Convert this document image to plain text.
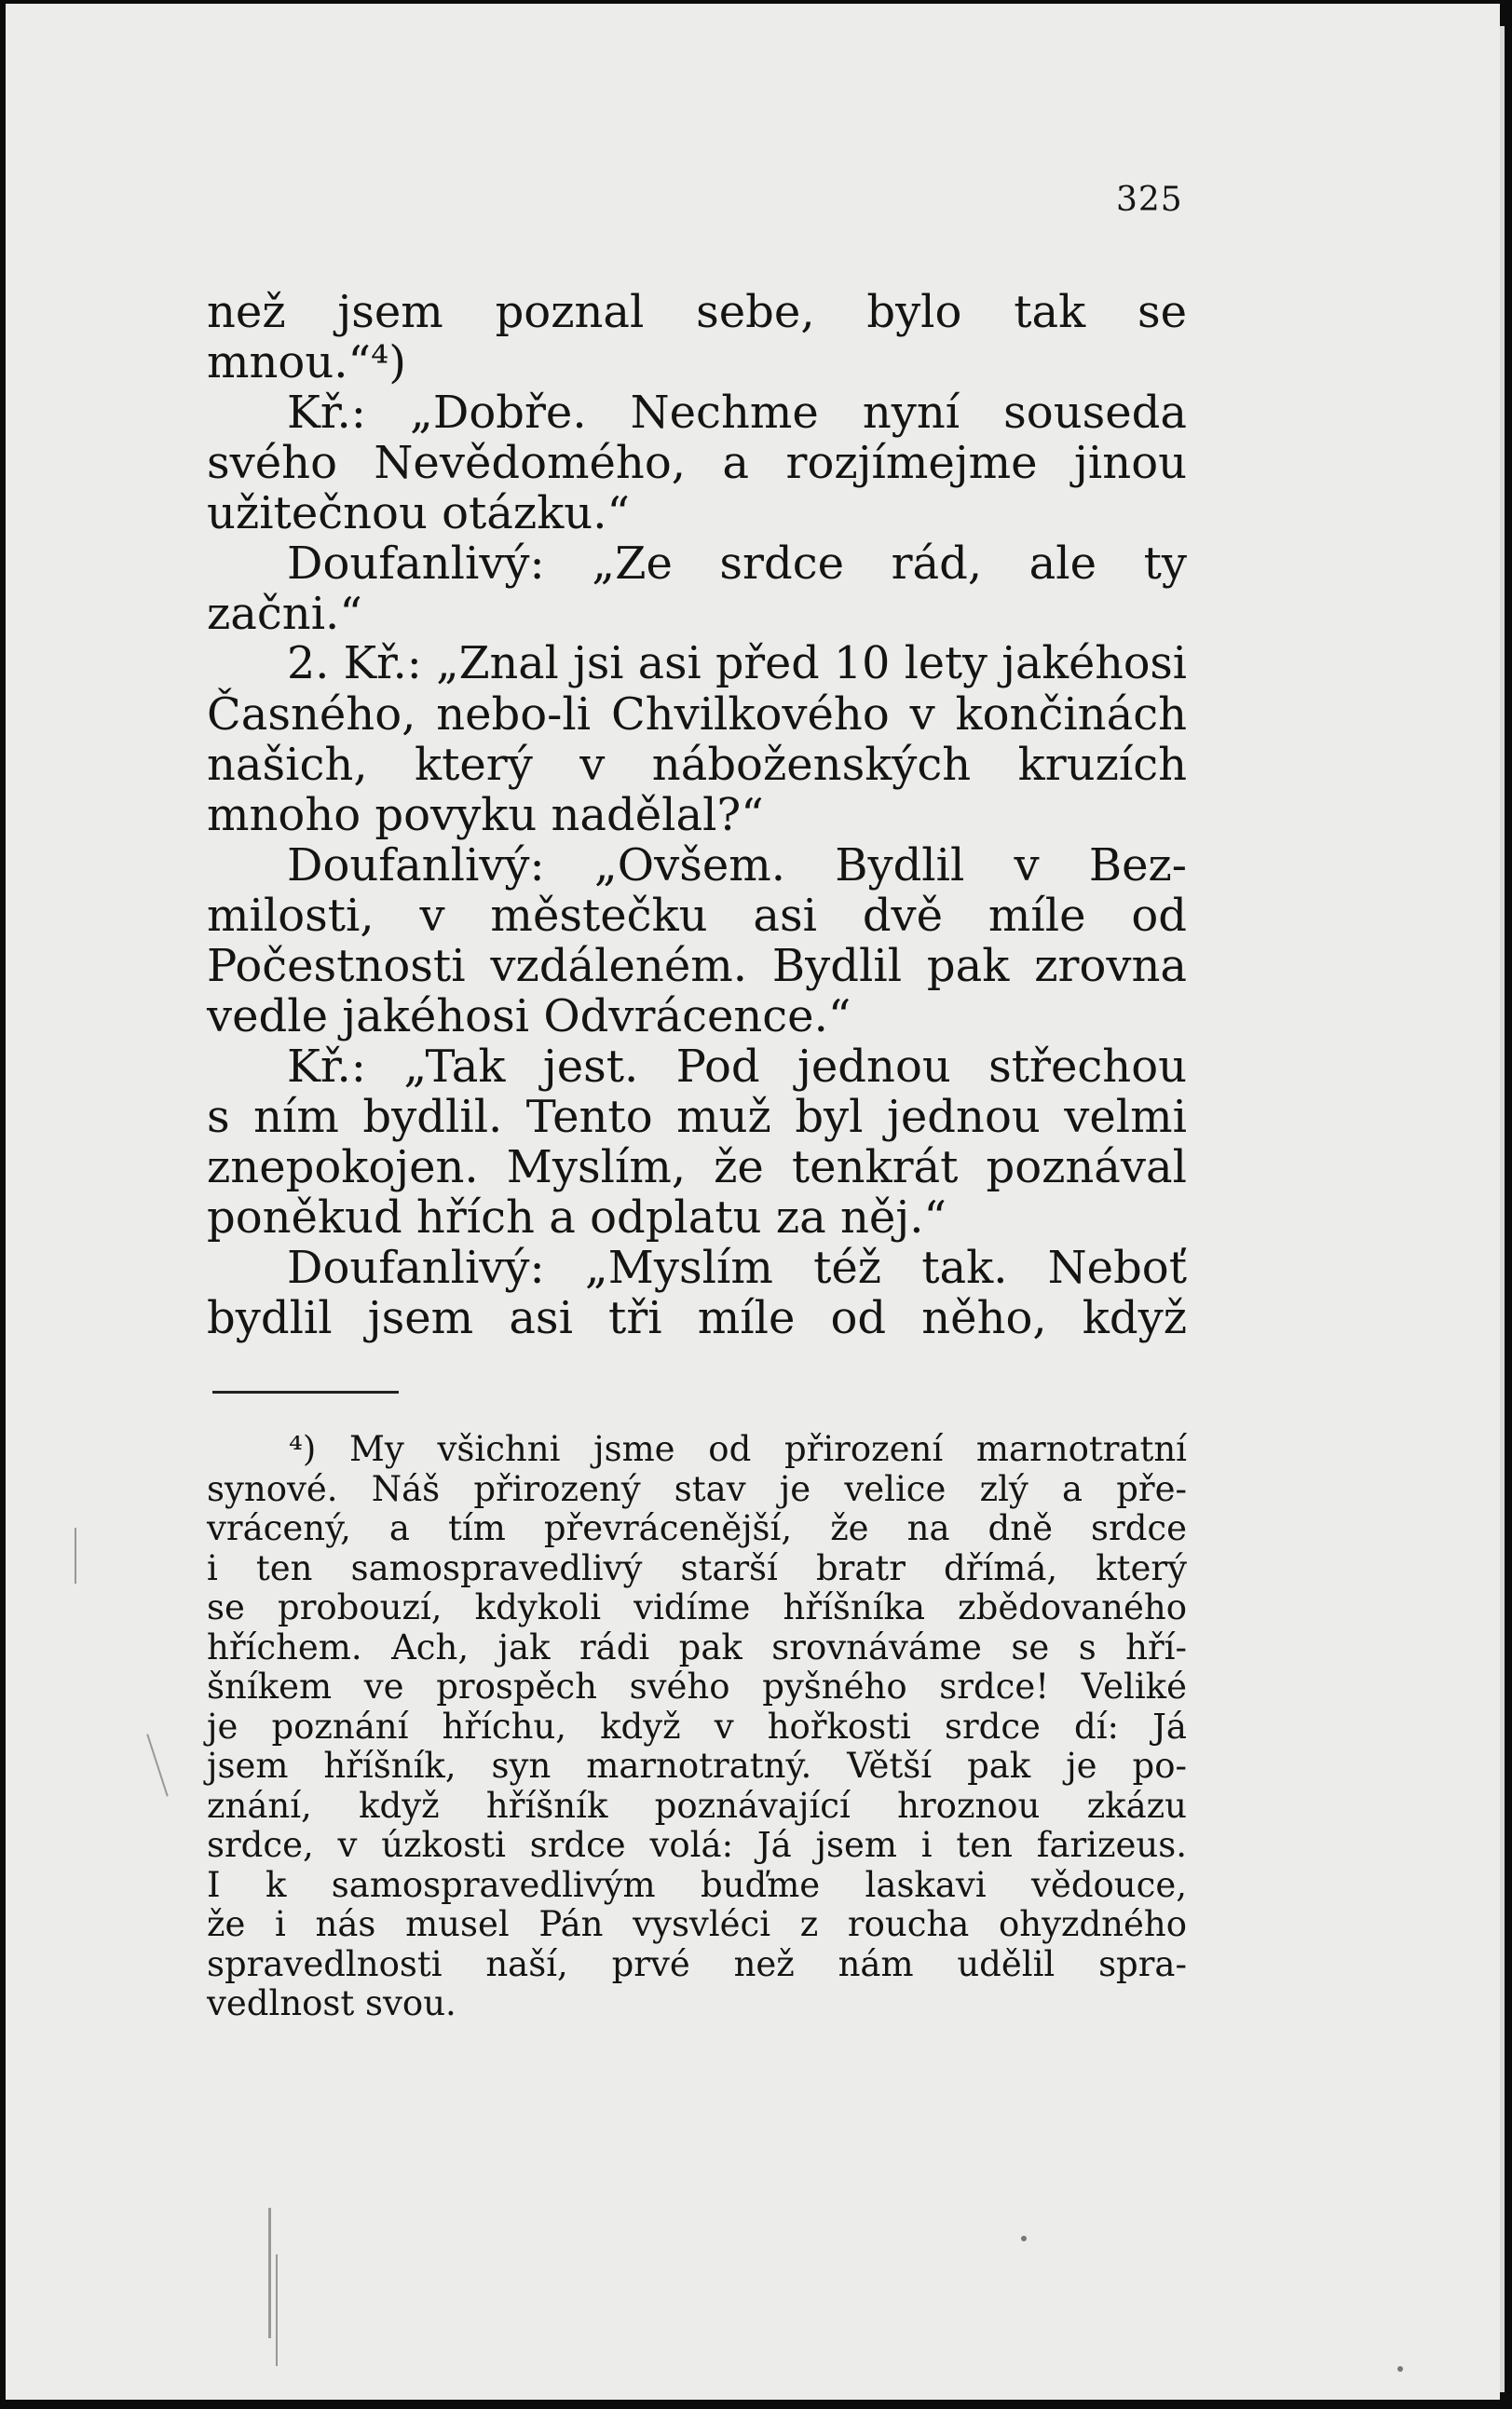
325
než jsem poznal sebe, bylo tak se
mnou.“⁴)
Kř.: „Dobře. Nechme nyní souseda
svého Nevědomého, a rozjímejme jinou
užitečnou otázku.“
Doufanlivý: „Ze srdce rád, ale ty
začni.“
2. Kř.: „Znal jsi asi před 10 lety jakéhosi
Časného, nebo-li Chvilkového v končinách
našich, který v náboženských kruzích
mnoho povyku nadělal?“
Doufanlivý: „Ovšem. Bydlil v Bez-
milosti, v městečku asi dvě míle od
Počestnosti vzdáleném. Bydlil pak zrovna
vedle jakéhosi Odvrácence.“
Kř.: „Tak jest. Pod jednou střechou
s ním bydlil. Tento muž byl jednou velmi
znepokojen. Myslím, že tenkrát poznával
poněkud hřích a odplatu za něj.“
Doufanlivý: „Myslím též tak. Neboť
bydlil jsem asi tři míle od něho, když
⁴) My všichni jsme od přirození marnotratní
synové. Náš přirozený stav je velice zlý a pře-
vrácený, a tím převrácenější, že na dně srdce
i ten samospravedlivý starší bratr dřímá, který
se probouzí, kdykoli vidíme hříšníka zbědovaného
hříchem. Ach, jak rádi pak srovnáváme se s hří-
šníkem ve prospěch svého pyšného srdce! Veliké
je poznání hříchu, když v hořkosti srdce dí: Já
jsem hříšník, syn marnotratný. Větší pak je po-
znání, když hříšník poznávající hroznou zkázu
srdce, v úzkosti srdce volá: Já jsem i ten farizeus.
I k samospravedlivým buďme laskavi vědouce,
že i nás musel Pán vysvléci z roucha ohyzdného
spravedlnosti naší, prvé než nám udělil spra-
vedlnost svou.
